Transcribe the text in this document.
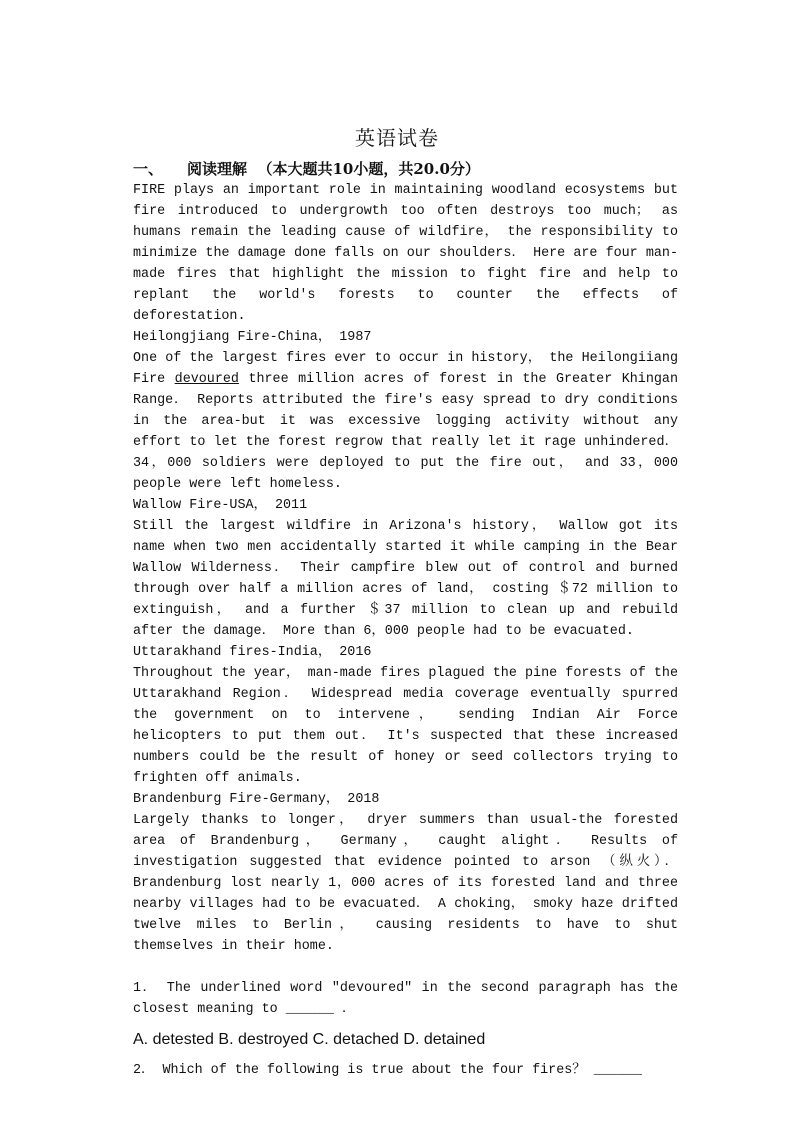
英语试卷
一、 阅读理解 （本大题共10小题，共20.0分）

FIRE plays an important role in maintaining woodland ecosystems but fire introduced to undergrowth too often destroys too much； as humans remain the leading cause of wildfire， the responsibility to minimize the damage done falls on our shoulders． Here are four man-made fires that highlight the mission to fight fire and help to replant the world's forests to counter the effects of deforestation.

Heilongjiang Fire-China， 1987

One of the largest fires ever to occur in history， the Heilongiiang Fire devoured three million acres of forest in the Greater Khingan Range． Reports attributed the fire's easy spread to dry conditions in the area-but it was excessive logging activity without any effort to let the forest regrow that really let it rage unhindered． 34，000 soldiers were deployed to put the fire out， and 33，000 people were left homeless.

Wallow Fire-USA， 2011

Still the largest wildfire in Arizona's history， Wallow got its name when two men accidentally started it while camping in the Bear Wallow Wilderness． Their campfire blew out of control and burned through over half a million acres of land， costing ＄72 million to extinguish， and a further ＄37 million to clean up and rebuild after the damage． More than 6，000 people had to be evacuated.

Uttarakhand fires-India， 2016

Throughout the year， man-made fires plagued the pine forests of the Uttarakhand Region． Widespread media coverage eventually spurred the government on to intervene， sending Indian Air Force helicopters to put them out． It's suspected that these increased numbers could be the result of honey or seed collectors trying to frighten off animals.

Brandenburg Fire-Germany， 2018

Largely thanks to longer， dryer summers than usual-the forested area of Brandenburg， Germany， caught alight． Results of investigation suggested that evidence pointed to arson （纵火）． Brandenburg lost nearly 1，000 acres of its forested land and three nearby villages had to be evacuated． A choking， smoky haze drifted twelve miles to Berlin， causing residents to have to shut themselves in their home.

1． The underlined word "devoured" in the second paragraph has the closest meaning to ______ ．

A. detested B. destroyed C. detached D. detained

2． Which of the following is true about the four fires？ ______
